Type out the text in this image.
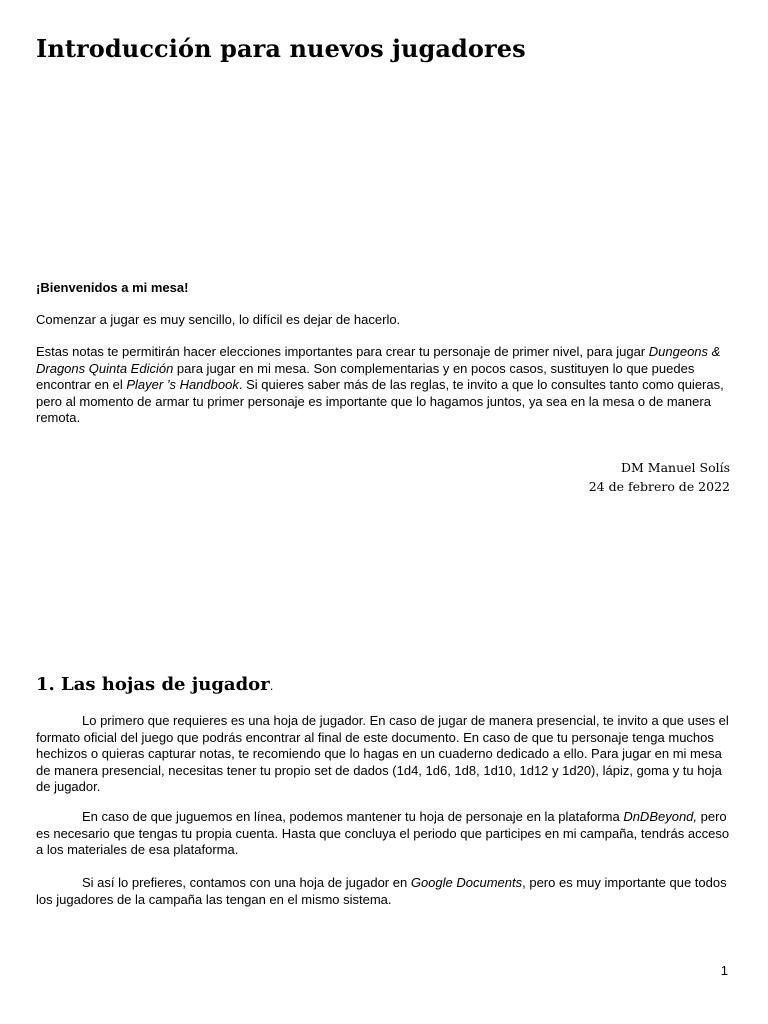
Introducción para nuevos jugadores

¡Bienvenidos a mi mesa!

Comenzar a jugar es muy sencillo, lo difícil es dejar de hacerlo.

Estas notas te permitirán hacer elecciones importantes para crear tu personaje de primer nivel, para jugar Dungeons & Dragons Quinta Edición para jugar en mi mesa. Son complementarias y en pocos casos, sustituyen lo que puedes encontrar en el Player ’s Handbook. Si quieres saber más de las reglas, te invito a que lo consultes tanto como quieras, pero al momento de armar tu primer personaje es importante que lo hagamos juntos, ya sea en la mesa o de manera remota.

DM Manuel Solís
24 de febrero de 2022
1. Las hojas de jugador.

Lo primero que requieres es una hoja de jugador. En caso de jugar de manera presencial, te invito a que uses el formato oficial del juego que podrás encontrar al final de este documento. En caso de que tu personaje tenga muchos hechizos o quieras capturar notas, te recomiendo que lo hagas en un cuaderno dedicado a ello. Para jugar en mi mesa de manera presencial, necesitas tener tu propio set de dados (1d4, 1d6, 1d8, 1d10, 1d12 y 1d20), lápiz, goma y tu hoja de jugador.

En caso de que juguemos en línea, podemos mantener tu hoja de personaje en la plataforma DnDBeyond, pero es necesario que tengas tu propia cuenta. Hasta que concluya el periodo que participes en mi campaña, tendrás acceso a los materiales de esa plataforma.

Si así lo prefieres, contamos con una hoja de jugador en Google Documents, pero es muy importante que todos los jugadores de la campaña las tengan en el mismo sistema.

1
